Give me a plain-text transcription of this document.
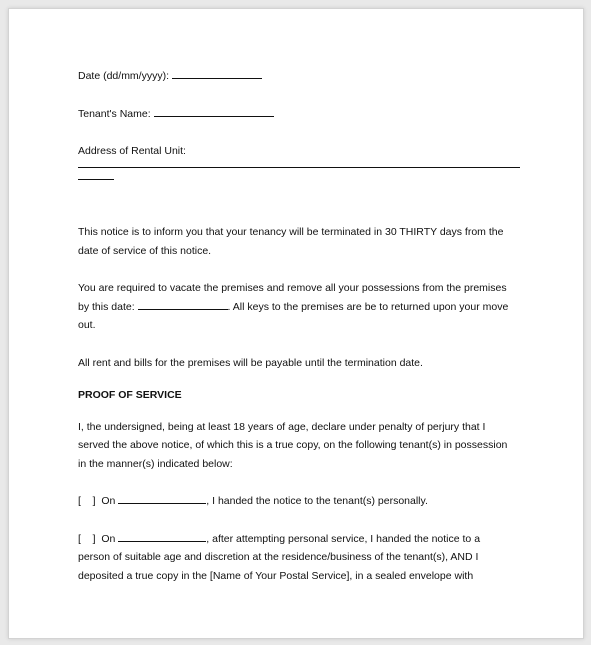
Date (dd/mm/yyyy):
Tenant's Name:
Address of Rental Unit:
This notice is to inform you that your tenancy will be terminated in 30 THIRTY days from the
date of service of this notice.
You are required to vacate the premises and remove all your possessions from the premises
by this date:	. All keys to the premises are be to returned upon your move
out.
All rent and bills for the premises will be payable until the termination date.
PROOF OF SERVICE
I, the undersigned, being at least 18 years of age, declare under penalty of perjury that I
served the above notice, of which this is a true copy, on the following tenant(s) in possession
in the manner(s) indicated below:
[    ]  On	, I handed the notice to the tenant(s) personally.
[    ]  On	, after attempting personal service, I handed the notice to a
person of suitable age and discretion at the residence/business of the tenant(s), AND I
deposited a true copy in the [Name of Your Postal Service], in a sealed envelope with
